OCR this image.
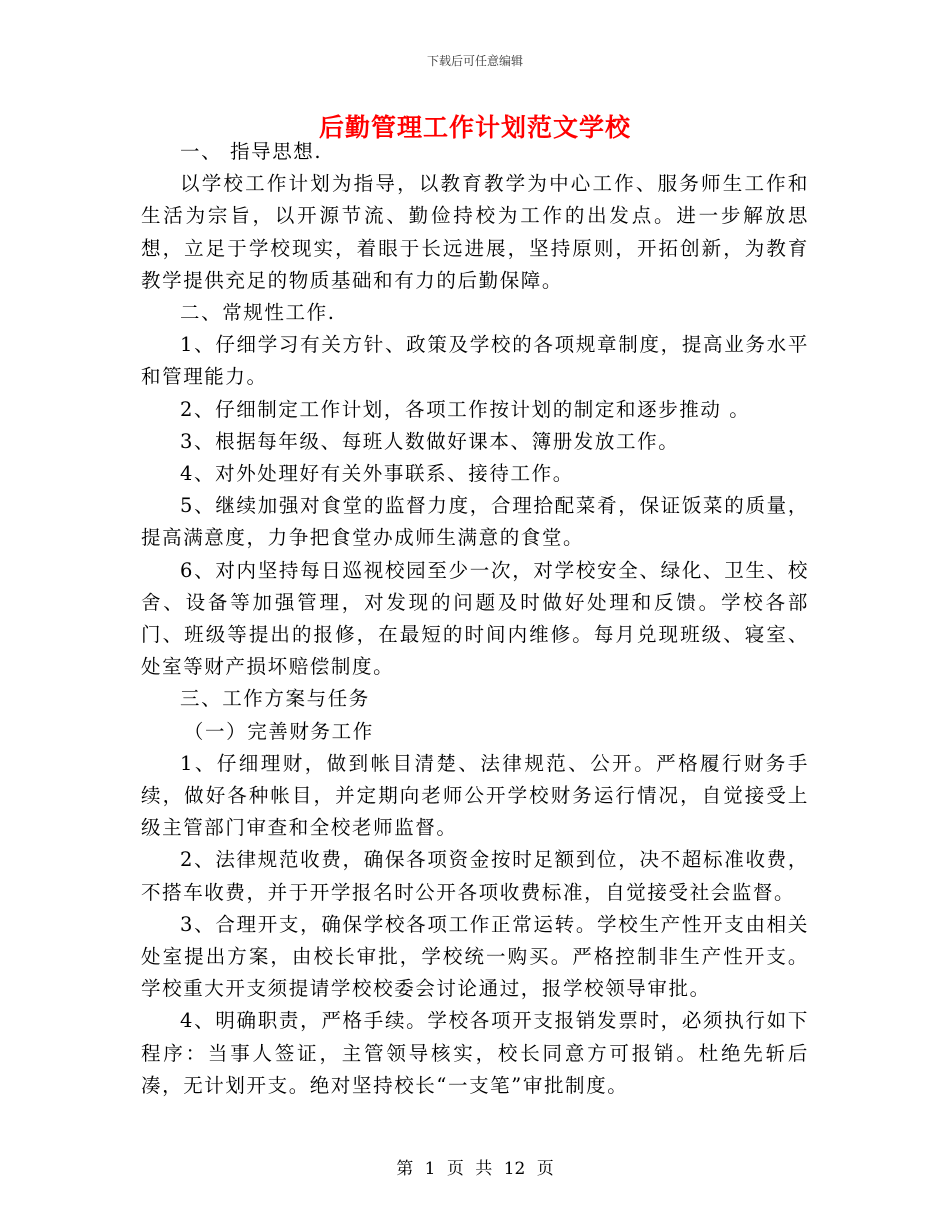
下载后可任意编辑
后勤管理工作计划范文学校

一、 指导思想.

以学校工作计划为指导，以教育教学为中心工作、服务师生工作和生活为宗旨，以开源节流、勤俭持校为工作的出发点。进一步解放思想，立足于学校现实，着眼于长远进展，坚持原则，开拓创新，为教育教学提供充足的物质基础和有力的后勤保障。

二、常规性工作.

1、仔细学习有关方针、政策及学校的各项规章制度，提高业务水平和管理能力。

2、仔细制定工作计划，各项工作按计划的制定和逐步推动 。

3、根据每年级、每班人数做好课本、簿册发放工作。

4、对外处理好有关外事联系、接待工作。

5、继续加强对食堂的监督力度，合理拾配菜肴，保证饭菜的质量，提高满意度，力争把食堂办成师生满意的食堂。

6、对内坚持每日巡视校园至少一次，对学校安全、绿化、卫生、校舍、设备等加强管理，对发现的问题及时做好处理和反馈。学校各部门、班级等提出的报修，在最短的时间内维修。每月兑现班级、寝室、处室等财产损坏赔偿制度。

三、工作方案与任务

（一）完善财务工作

1、仔细理财，做到帐目清楚、法律规范、公开。严格履行财务手续，做好各种帐目，并定期向老师公开学校财务运行情况，自觉接受上级主管部门审查和全校老师监督。

2、法律规范收费，确保各项资金按时足额到位，决不超标准收费，不搭车收费，并于开学报名时公开各项收费标准，自觉接受社会监督。

3、合理开支，确保学校各项工作正常运转。学校生产性开支由相关处室提出方案，由校长审批，学校统一购买。严格控制非生产性开支。学校重大开支须提请学校校委会讨论通过，报学校领导审批。

4、明确职责，严格手续。学校各项开支报销发票时，必须执行如下程序：当事人签证，主管领导核实，校长同意方可报销。杜绝先斩后凑，无计划开支。绝对坚持校长“一支笔”审批制度。

第 1 页 共 12 页
